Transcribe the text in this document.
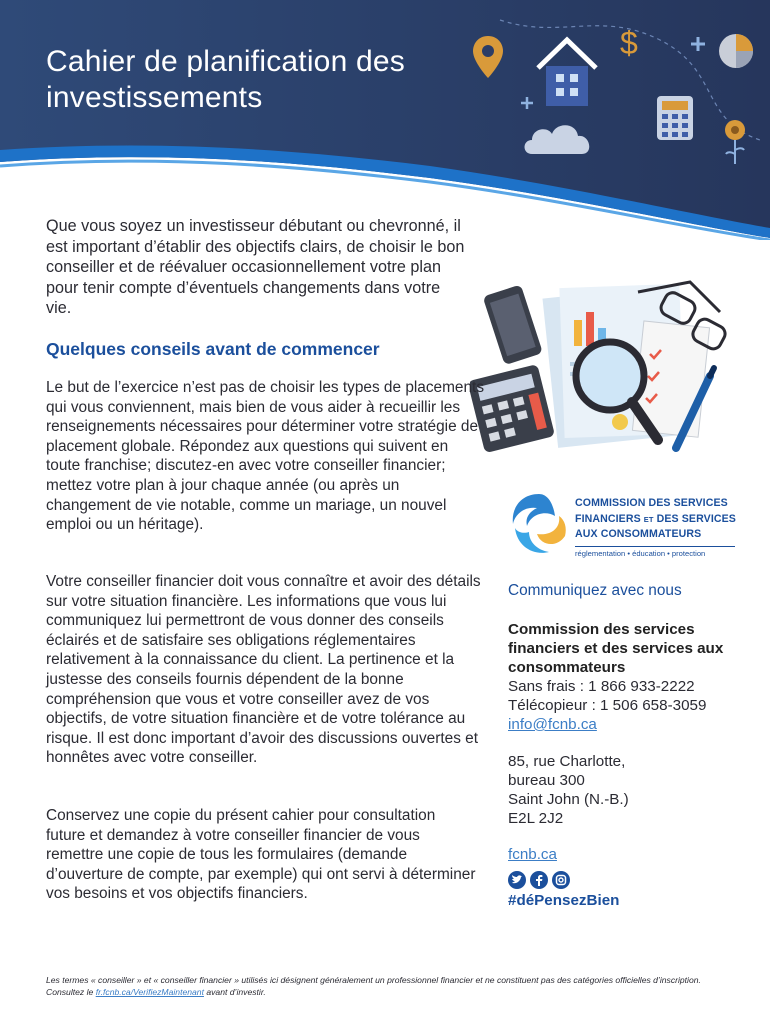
Cahier de planification des investissements
$

Que vous soyez un investisseur débutant ou chevronné, il est important d’établir des objectifs clairs, de choisir le bon conseiller et de réévaluer occasionnellement votre plan pour tenir compte d’éventuels changements dans votre vie.

Quelques conseils avant de commencer

Le but de l’exercice n’est pas de choisir les types de placements qui vous conviennent, mais bien de vous aider à recueillir les renseignements nécessaires pour déterminer votre stratégie de placement globale. Répondez aux questions qui suivent en toute franchise; discutez-en avec votre conseiller financier; mettez votre plan à jour chaque année (ou après un changement de vie notable, comme un mariage, un nouvel emploi ou un héritage).

Votre conseiller financier doit vous connaître et avoir des détails sur votre situation financière. Les informations que vous lui communiquez lui permettront de vous donner des conseils éclairés et de satisfaire ses obligations réglementaires relativement à la connaissance du client. La pertinence et la justesse des conseils fournis dépendent de la bonne compréhension que vous et votre conseiller avez de vos objectifs, de votre situation financière et de votre tolérance au risque. Il est donc important d’avoir des discussions ouvertes et honnêtes avec votre conseiller.

Conservez une copie du présent cahier pour consultation future et demandez à votre conseiller financier de vous remettre une copie de tous les formulaires (demande d’ouverture de compte, par exemple) qui ont servi à déterminer vos besoins et vos objectifs financiers.

COMMISSION DES SERVICES
FINANCIERS ET DES SERVICES
AUX CONSOMMATEURS
réglementation • éducation • protection
Communiquez avec nous

Commission des services financiers et des services aux consommateurs

Sans frais : 1 866 933-2222
Télécopieur : 1 506 658-3059
info@fcnb.ca
85, rue Charlotte,
bureau 300
Saint John (N.-B.)
E2L 2J2
fcnb.ca
#déPensezBien

Les termes « conseiller » et « conseiller financier » utilisés ici désignent généralement un professionnel financier et ne constituent pas des catégories officielles d’inscription. Consultez le fr.fcnb.ca/VerifiezMaintenant avant d’investir.
